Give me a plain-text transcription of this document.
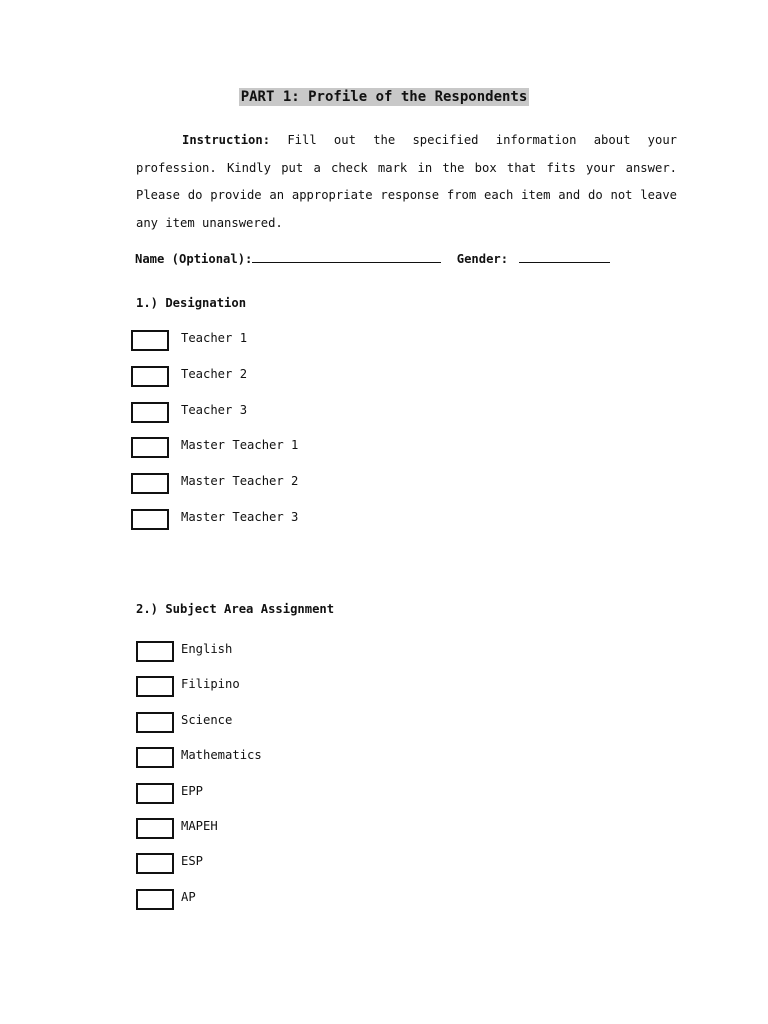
PART 1: Profile of the Respondents

Instruction: Fill out the specified information about your profession. Kindly put a check mark in the box that fits your answer. Please do provide an appropriate response from each item and do not leave any item unanswered.

Name (Optional):	Gender:
1.) Designation
Teacher 1
Teacher 2
Teacher 3
Master Teacher 1
Master Teacher 2
Master Teacher 3
2.) Subject Area Assignment
English
Filipino
Science
Mathematics
EPP
MAPEH
ESP
AP
